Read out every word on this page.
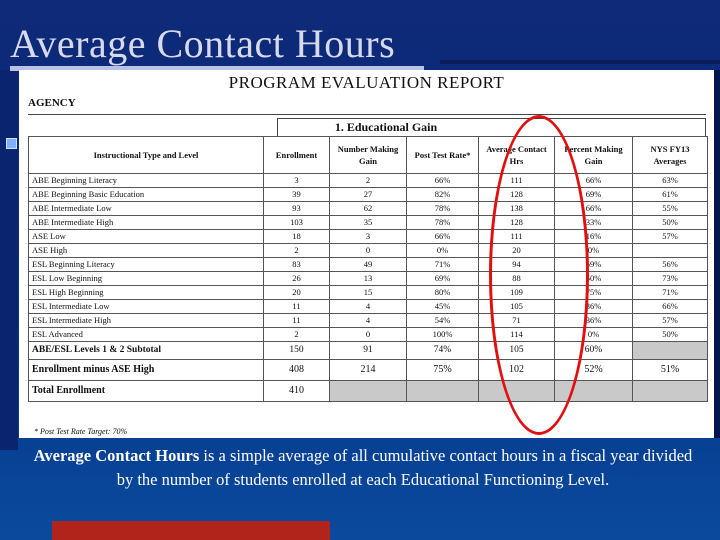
Average Contact Hours
PROGRAM EVALUATION REPORT
AGENCY
1. Educational Gain
Instructional Type and Level	Enrollment	Number Making Gain	Post Test Rate*	Average Contact Hrs	Percent Making Gain	NYS FY13 Averages
ABE Beginning Literacy	3	2	66%	111	66%	63%
ABE Beginning Basic Education	39	27	82%	128	69%	61%
ABE Intermediate Low	93	62	78%	138	66%	55%
ABE Intermediate High	103	35	78%	128	33%	50%
ASE Low	18	3	66%	111	16%	57%
ASE High	2	0	0%	20	0%	
ESL Beginning Literacy	83	49	71%	94	59%	56%
ESL Low Beginning	26	13	69%	88	50%	73%
ESL High Beginning	20	15	80%	109	75%	71%
ESL Intermediate Low	11	4	45%	105	36%	66%
ESL Intermediate High	11	4	54%	71	36%	57%
ESL Advanced	2	0	100%	114	0%	50%
ABE/ESL Levels 1 & 2 Subtotal	150	91	74%	105	60%	
Enrollment minus ASE High	408	214	75%	102	52%	51%
Total Enrollment	410					
* Post Test Rate Target: 70%

Average Contact Hours is a simple average of all cumulative contact hours in a fiscal year divided by the number of students enrolled at each Educational Functioning Level.
